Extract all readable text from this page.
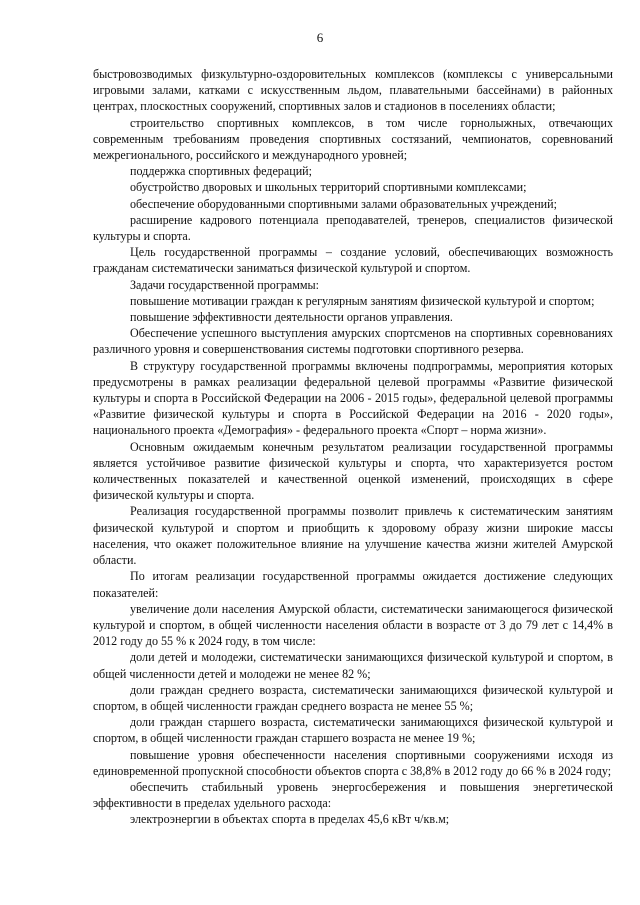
6

быстровозводимых физкультурно-оздоровительных комплексов (комплексы с универсальными игровыми залами, катками с искусственным льдом, плавательными бассейнами) в районных центрах, плоскостных сооружений, спортивных залов и стадионов в поселениях области;

строительство спортивных комплексов, в том числе горнолыжных, отвечающих современным требованиям проведения спортивных состязаний, чемпионатов, соревнований межрегионального, российского и международного уровней;

поддержка спортивных федераций;

обустройство дворовых и школьных территорий спортивными комплексами;

обеспечение оборудованными спортивными залами образовательных учреждений;

расширение кадрового потенциала преподавателей, тренеров, специалистов физической культуры и спорта.

Цель государственной программы – создание условий, обеспечивающих возможность гражданам систематически заниматься физической культурой и спортом.

Задачи государственной программы:

повышение мотивации граждан к регулярным занятиям физической культурой и спортом;

повышение эффективности деятельности органов управления.

Обеспечение успешного выступления амурских спортсменов на спортивных соревнованиях различного уровня и совершенствования системы подготовки спортивного резерва.

В структуру государственной программы включены подпрограммы, мероприятия которых предусмотрены в рамках реализации федеральной целевой программы «Развитие физической культуры и спорта в Российской Федерации на 2006 - 2015 годы», федеральной целевой программы «Развитие физической культуры и спорта в Российской Федерации на 2016 - 2020 годы», национального проекта «Демография» - федерального проекта «Спорт – норма жизни».

Основным ожидаемым конечным результатом реализации государственной программы является устойчивое развитие физической культуры и спорта, что характеризуется ростом количественных показателей и качественной оценкой изменений, происходящих в сфере физической культуры и спорта.

Реализация государственной программы позволит привлечь к систематическим занятиям физической культурой и спортом и приобщить к здоровому образу жизни широкие массы населения, что окажет положительное влияние на улучшение качества жизни жителей Амурской области.

По итогам реализации государственной программы ожидается достижение следующих показателей:

увеличение доли населения Амурской области, систематически занимающегося физической культурой и спортом, в общей численности населения области в возрасте от 3 до 79 лет с 14,4% в 2012 году до 55 % к 2024 году, в том числе:

доли детей и молодежи, систематически занимающихся физической культурой и спортом, в общей численности детей и молодежи не менее 82 %;

доли граждан среднего возраста, систематически занимающихся физической культурой и спортом, в общей численности граждан среднего возраста не менее 55 %;

доли граждан старшего возраста, систематически занимающихся физической культурой и спортом, в общей численности граждан старшего возраста не менее 19 %;

повышение уровня обеспеченности населения спортивными сооружениями исходя из единовременной пропускной способности объектов спорта с 38,8% в 2012 году до 66 % в 2024 году;

обеспечить стабильный уровень энергосбережения и повышения энергетической эффективности в пределах удельного расхода:

электроэнергии в объектах спорта в пределах 45,6 кВт ч/кв.м;
